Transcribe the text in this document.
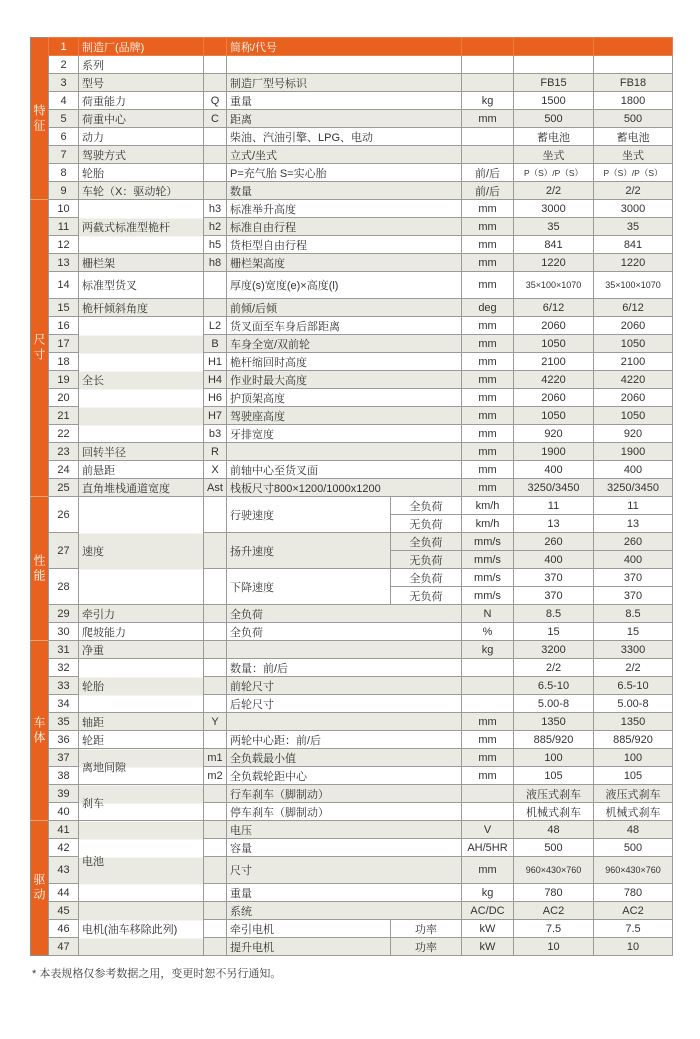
特征	1	制造厂(品牌)		简称/代号				
	2	系列						
	3	型号		制造厂型号标识			FB15	FB18
	4	荷重能力	Q	重量		kg	1500	1800
	5	荷重中心	C	距离		mm	500	500
	6	动力		柴油、汽油引擎、LPG、电动			蓄电池	蓄电池
	7	驾驶方式		立式/坐式			坐式	坐式
	8	轮胎		P=充气胎 S=实心胎		前/后	P（S）/P（S）	P（S）/P（S）
	9	车轮（X：驱动轮）		数量		前/后	2/2	2/2
尺寸	10	两截式标准型桅杆	h3	标准举升高度		mm	3000	3000
	11		h2	标准自由行程		mm	35	35
	12		h5	货柜型自由行程		mm	841	841
	13	栅栏架	h8	栅栏架高度		mm	1220	1220
	14	标准型货叉		厚度(s)宽度(e)×高度(l)		mm	35×100×1070	35×100×1070
	15	桅杆倾斜角度		前倾/后倾		deg	6/12	6/12
	16	全长	L2	货叉面至车身后部距离		mm	2060	2060
	17		B	车身全宽/双前轮		mm	1050	1050
	18		H1	桅杆缩回时高度		mm	2100	2100
	19		H4	作业时最大高度		mm	4220	4220
	20		H6	护顶架高度		mm	2060	2060
	21		H7	驾驶座高度		mm	1050	1050
	22		b3	牙排宽度		mm	920	920
	23	回转半径	R			mm	1900	1900
	24	前悬距	X	前轴中心至货叉面		mm	400	400
	25	直角堆栈通道宽度	Ast	栈板尺寸800×1200/1000x1200		mm	3250/3450	3250/3450
性能	26	速度		行驶速度	全负荷	km/h	11	11
					无负荷	km/h	13	13
	27			扬升速度	全负荷	mm/s	260	260
					无负荷	mm/s	400	400
	28			下降速度	全负荷	mm/s	370	370
					无负荷	mm/s	370	370
	29	牵引力		全负荷		N	8.5	8.5
	30	爬坡能力		全负荷		%	15	15
车体	31	净重				kg	3200	3300
	32	轮胎		数量：前/后			2/2	2/2
	33			前轮尺寸			6.5-10	6.5-10
	34			后轮尺寸			5.00-8	5.00-8
	35	轴距	Y			mm	1350	1350
	36	轮距		两轮中心距：前/后		mm	885/920	885/920
	37	离地间隙	m1	全负载最小值		mm	100	100
	38		m2	全负载轮距中心		mm	105	105
	39	刹车		行车刹车（脚制动）			液压式刹车	液压式刹车
	40			停车刹车（脚制动）			机械式刹车	机械式刹车
驱动	41	电池		电压		V	48	48
	42			容量		AH/5HR	500	500
	43			尺寸		mm	960×430×760	960×430×760
	44			重量		kg	780	780
	45	电机(油车移除此列)		系统		AC/DC	AC2	AC2
	46			牵引电机	功率	kW	7.5	7.5
	47			提升电机	功率	kW	10	10
* 本表规格仅参考数据之用，变更时恕不另行通知。
